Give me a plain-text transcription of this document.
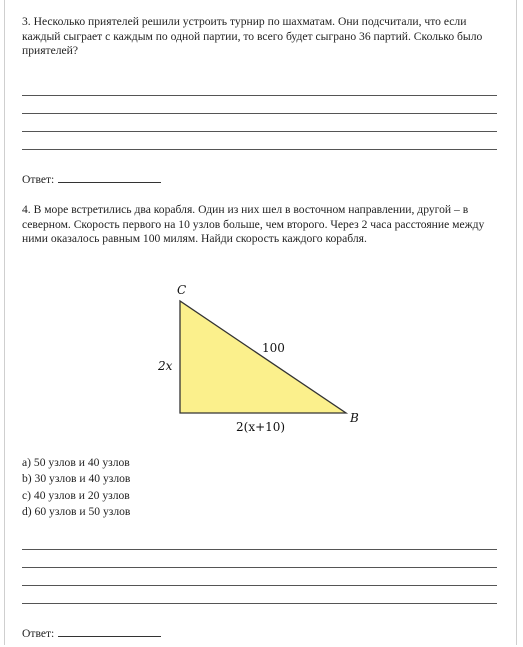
3. Несколько приятелей решили устроить турнир по шахматам. Они подсчитали, что если каждый сыграет с каждым по одной партии, то всего будет сыграно 36 партий. Сколько было приятелей?
Ответ:
4. В море встретились два корабля. Один из них шел в восточном направлении, другой – в северном. Скорость первого на 10 узлов больше, чем второго. Через 2 часа расстояние между ними оказалось равным 100 милям. Найди скорость каждого корабля.
C
B
100
2x
2(x+10)
a) 50 узлов и 40 узлов
b) 30 узлов и 40 узлов
c) 40 узлов и 20 узлов
d) 60 узлов и 50 узлов
Ответ:
